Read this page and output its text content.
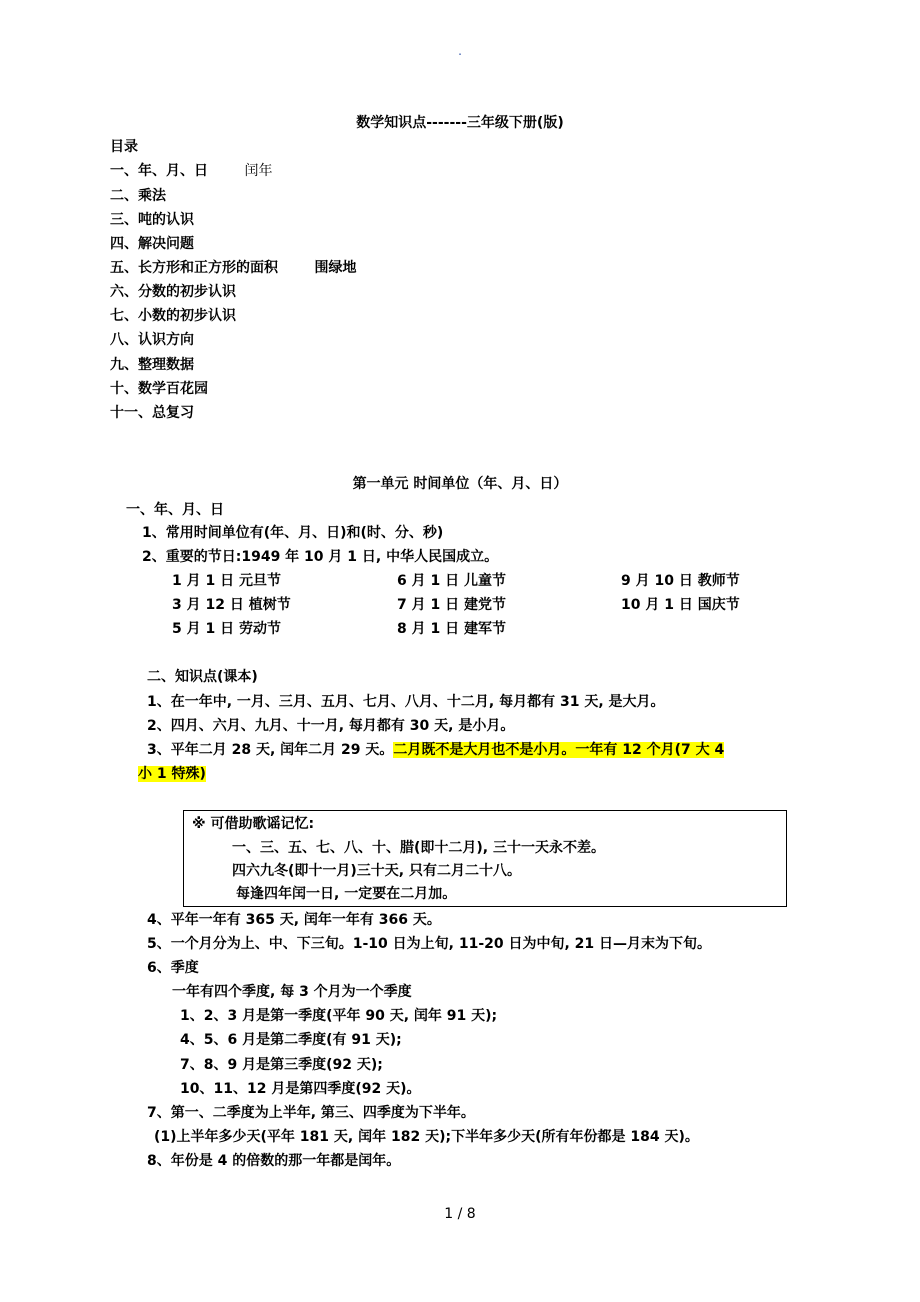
.
数学知识点-------三年级下册(版)
目录
一、年、月、日	闰年
二、乘法
三、吨的认识
四、解决问题
五、长方形和正方形的面积	围绿地
六、分数的初步认识
七、小数的初步认识
八、认识方向
九、整理数据
十、数学百花园
十一、总复习
第一单元 时间单位（年、月、日）
一、年、月、日
1、常用时间单位有(年、月、日)和(时、分、秒)
2、重要的节日:1949 年 10 月 1 日, 中华人民国成立。
1 月 1 日 元旦节	6 月 1 日 儿童节	9 月 10 日 教师节
3 月 12 日 植树节	7 月 1 日 建党节	10 月 1 日 国庆节
5 月 1 日 劳动节	8 月 1 日 建军节
二、知识点(课本)
1、在一年中, 一月、三月、五月、七月、八月、十二月, 每月都有 31 天, 是大月。
2、四月、六月、九月、十一月, 每月都有 30 天, 是小月。
3、平年二月 28 天, 闰年二月 29 天。二月既不是大月也不是小月。一年有 12 个月(7 大 4
小 1 特殊)
※ 可借助歌谣记忆:
一、三、五、七、八、十、腊(即十二月), 三十一天永不差。
四六九冬(即十一月)三十天, 只有二月二十八。
每逢四年闰一日, 一定要在二月加。
4、平年一年有 365 天, 闰年一年有 366 天。
5、一个月分为上、中、下三旬。1-10 日为上旬, 11-20 日为中旬, 21 日—月末为下旬。
6、季度
一年有四个季度, 每 3 个月为一个季度
1、2、3 月是第一季度(平年 90 天, 闰年 91 天);
4、5、6 月是第二季度(有 91 天);
7、8、9 月是第三季度(92 天);
10、11、12 月是第四季度(92 天)。
7、第一、二季度为上半年, 第三、四季度为下半年。
(1)上半年多少天(平年 181 天, 闰年 182 天);下半年多少天(所有年份都是 184 天)。
8、年份是 4 的倍数的那一年都是闰年。
1 / 8
